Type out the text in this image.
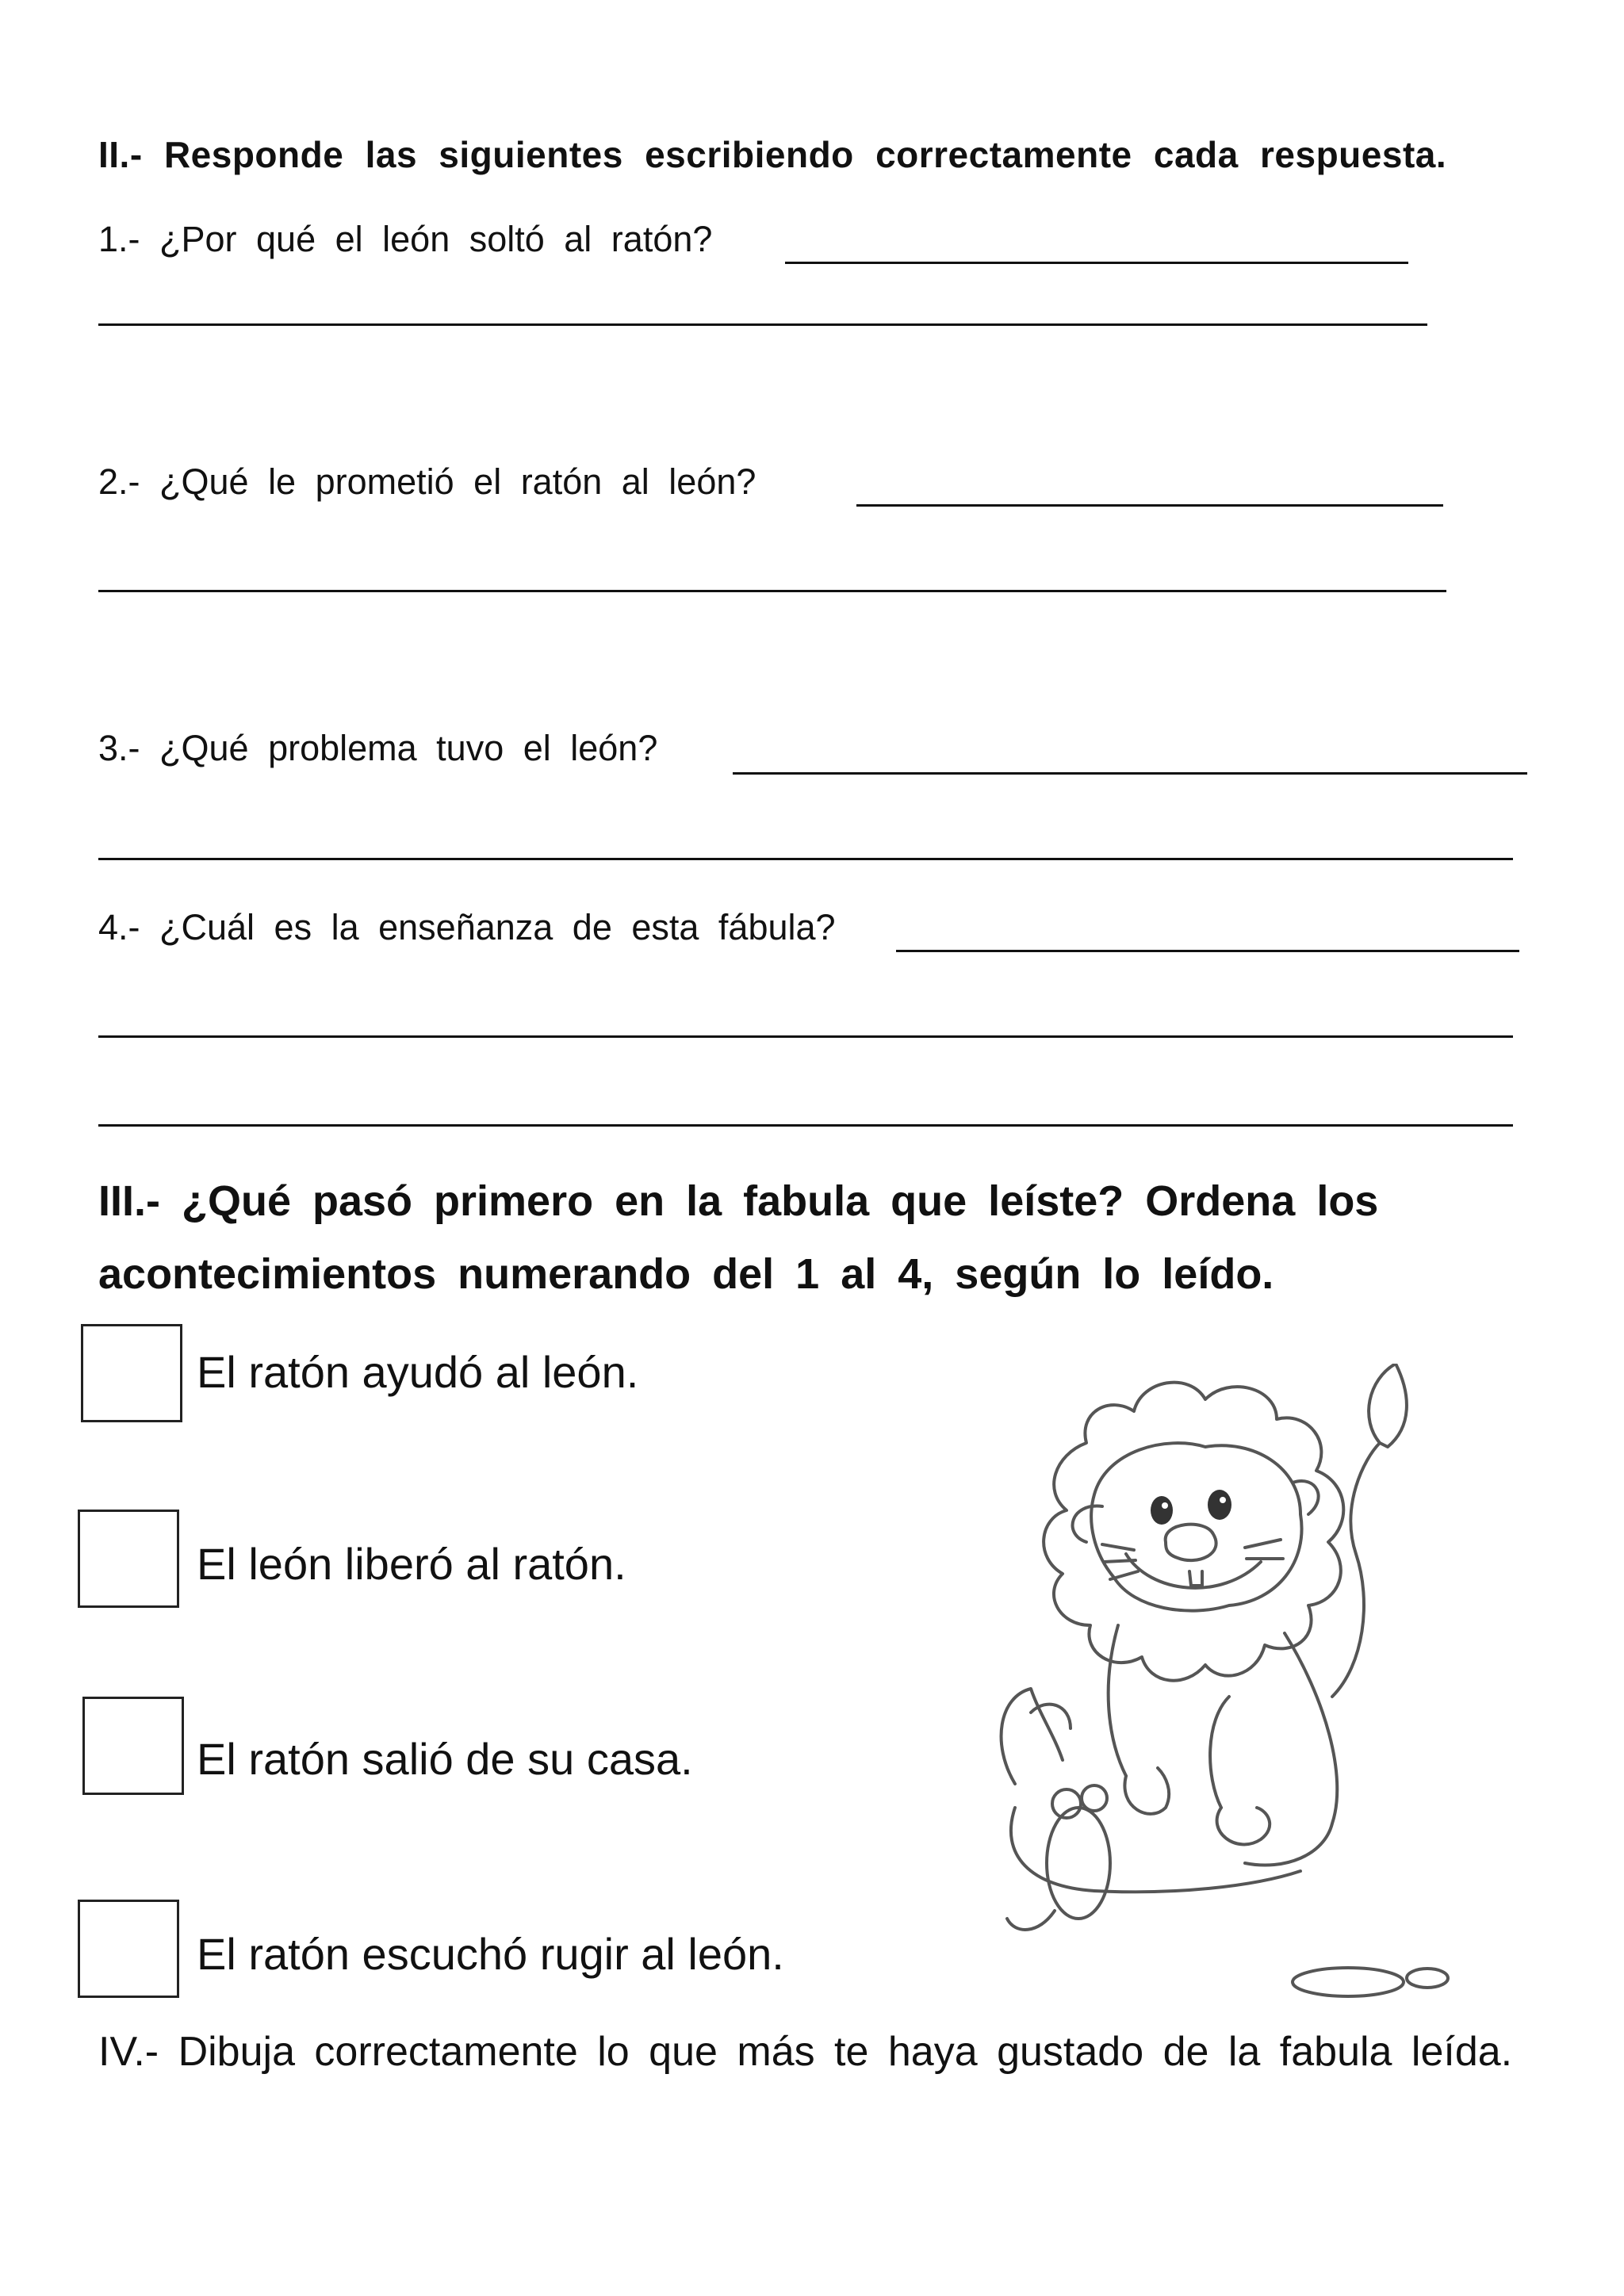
II.- Responde las siguientes escribiendo correctamente cada respuesta.
1.- ¿Por qué el león soltó al ratón?
2.- ¿Qué le prometió el ratón al león?
3.- ¿Qué problema tuvo el león?
4.- ¿Cuál es la enseñanza de esta fábula?
III.- ¿Qué pasó primero en la fabula que leíste? Ordena los
acontecimientos numerando del 1 al 4, según lo leído.
El ratón ayudó al león.
El león liberó al ratón.
El ratón salió de su casa.
El ratón escuchó rugir al león.
IV.- Dibuja correctamente lo que más te haya gustado de la fabula leída.
